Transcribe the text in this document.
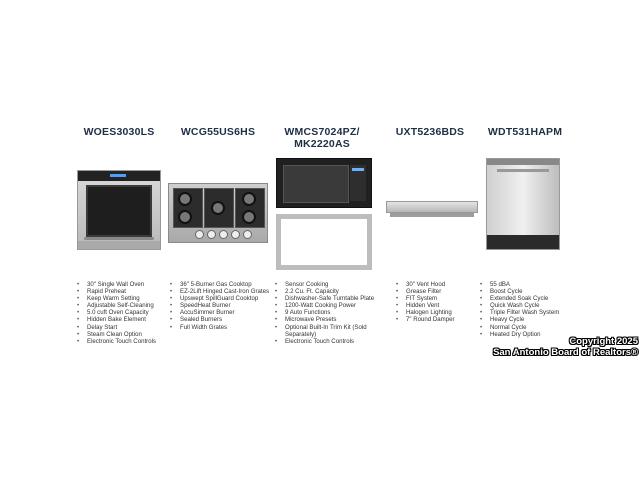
WOES3030LS	WCG55US6HS	WMCS7024PZ/
MK2220AS
UXT5236BDS	WDT531HAPM
• 30" Single Wall Oven
• Rapid Preheat
• Keep Warm Setting
• Adjustable Self-Cleaning
• 5.0 cuft Oven Capacity
• Hidden Bake Element
• Delay Start
• Steam Clean Option
• Electronic Touch Controls
• 36" 5-Burner Gas Cooktop
• EZ-2Lift Hinged Cast-Iron Grates
• Upswept SpillGuard Cooktop
• SpeedHeat Burner
• AccuSimmer Burner
• Sealed Burners
• Full Width Grates
• Sensor Cooking
• 2.2 Cu. Ft. Capacity
• Dishwasher-Safe Turntable Plate
• 1200-Watt Cooking Power
• 9 Auto Functions
• Microwave Presets
• Optional Built-In Trim Kit (Sold Separately)
• Electronic Touch Controls
• 30" Vent Hood
• Grease Filter
• FIT System
• Hidden Vent
• Halogen Lighting
• 7" Round Damper
• 55 dBA
• Boost Cycle
• Extended Soak Cycle
• Quick Wash Cycle
• Triple Filter Wash System
• Heavy Cycle
• Normal Cycle
• Heated Dry Option
Copyright 2025
San Antonio Board of Realtors®
